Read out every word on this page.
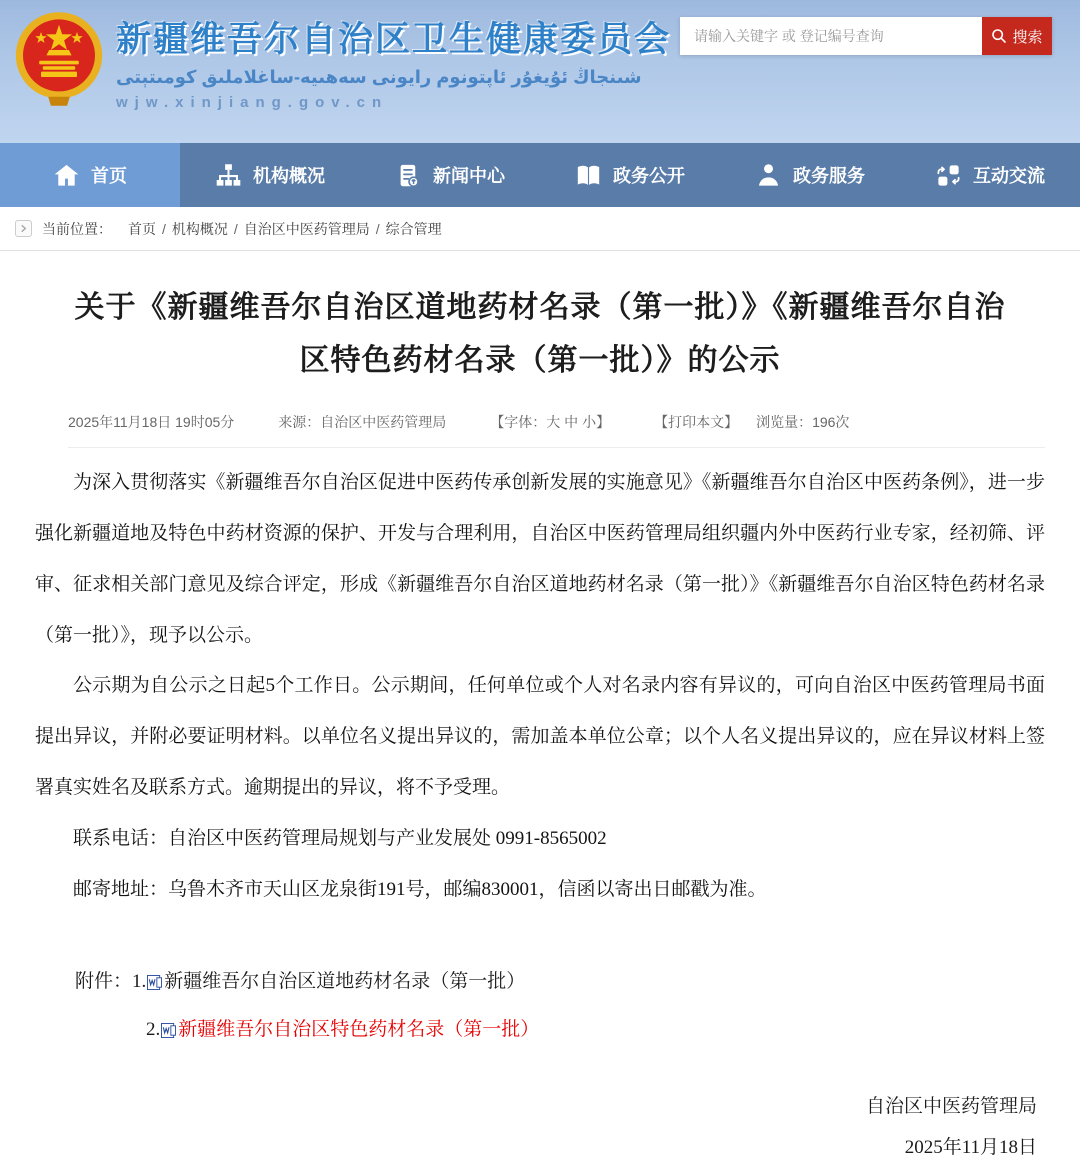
新疆维吾尔自治区卫生健康委员会
شىنجاڭ ئۇيغۇر ئاپتونوم رايونى سەھىيە-ساغلاملىق كومىتېتى
wjw.xinjiang.gov.cn
请输入关键字 或 登记编号查询
搜索
首页	机构概况	新闻中心	政务公开	政务服务	互动交流
当前位置： 首页 / 机构概况 / 自治区中医药管理局 / 综合管理
关于《新疆维吾尔自治区道地药材名录（第一批）》《新疆维吾尔自治区特色药材名录（第一批）》的公示
2025年11月18日 19时05分	来源：自治区中医药管理局	【字体：大 中 小】	【打印本文】 浏览量：196次

为深入贯彻落实《新疆维吾尔自治区促进中医药传承创新发展的实施意见》《新疆维吾尔自治区中医药条例》，进一步强化新疆道地及特色中药材资源的保护、开发与合理利用，自治区中医药管理局组织疆内外中医药行业专家，经初筛、评审、征求相关部门意见及综合评定，形成《新疆维吾尔自治区道地药材名录（第一批）》《新疆维吾尔自治区特色药材名录（第一批）》，现予以公示。

公示期为自公示之日起5个工作日。公示期间，任何单位或个人对名录内容有异议的，可向自治区中医药管理局书面提出异议，并附必要证明材料。以单位名义提出异议的，需加盖本单位公章；以个人名义提出异议的，应在异议材料上签署真实姓名及联系方式。逾期提出的异议，将不予受理。

联系电话：自治区中医药管理局规划与产业发展处 0991-8565002

邮寄地址：乌鲁木齐市天山区龙泉街191号，邮编830001，信函以寄出日邮戳为准。

附件： 1. 新疆维吾尔自治区道地药材名录（第一批）
2. 新疆维吾尔自治区特色药材名录（第一批）
自治区中医药管理局
2025年11月18日
